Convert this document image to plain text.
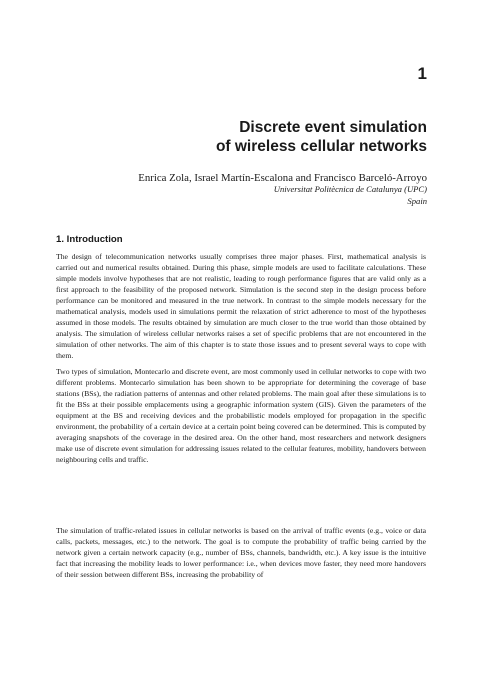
1
Discrete event simulation
of wireless cellular networks
Enrica Zola, Israel Martín-Escalona and Francisco Barceló-Arroyo
Universitat Politècnica de Catalunya (UPC)
Spain
1. Introduction

The design of telecommunication networks usually comprises three major phases. First, mathematical analysis is carried out and numerical results obtained. During this phase, simple models are used to facilitate calculations. These simple models involve hypotheses that are not realistic, leading to rough performance figures that are valid only as a first approach to the feasibility of the proposed network. Simulation is the second step in the design process before performance can be monitored and measured in the true network. In contrast to the simple models necessary for the mathematical analysis, models used in simulations permit the relaxation of strict adherence to most of the hypotheses assumed in those models. The results obtained by simulation are much closer to the true world than those obtained by analysis. The simulation of wireless cellular networks raises a set of specific problems that are not encountered in the simulation of other networks. The aim of this chapter is to state those issues and to present several ways to cope with them.

Two types of simulation, Montecarlo and discrete event, are most commonly used in cellular networks to cope with two different problems. Montecarlo simulation has been shown to be appropriate for determining the coverage of base stations (BSs), the radiation patterns of antennas and other related problems. The main goal after these simulations is to fit the BSs at their possible emplacements using a geographic information system (GIS). Given the parameters of the equipment at the BS and receiving devices and the probabilistic models employed for propagation in the specific environment, the probability of a certain device at a certain point being covered can be determined. This is computed by averaging snapshots of the coverage in the desired area. On the other hand, most researchers and network designers make use of discrete event simulation for addressing issues related to the cellular features, mobility, handovers between neighbouring cells and traffic.

The simulation of traffic-related issues in cellular networks is based on the arrival of traffic events (e.g., voice or data calls, packets, messages, etc.) to the network. The goal is to compute the probability of traffic being carried by the network given a certain network capacity (e.g., number of BSs, channels, bandwidth, etc.). A key issue is the intuitive fact that increasing the mobility leads to lower performance: i.e., when devices move faster, they need more handovers of their session between different BSs, increasing the probability of
